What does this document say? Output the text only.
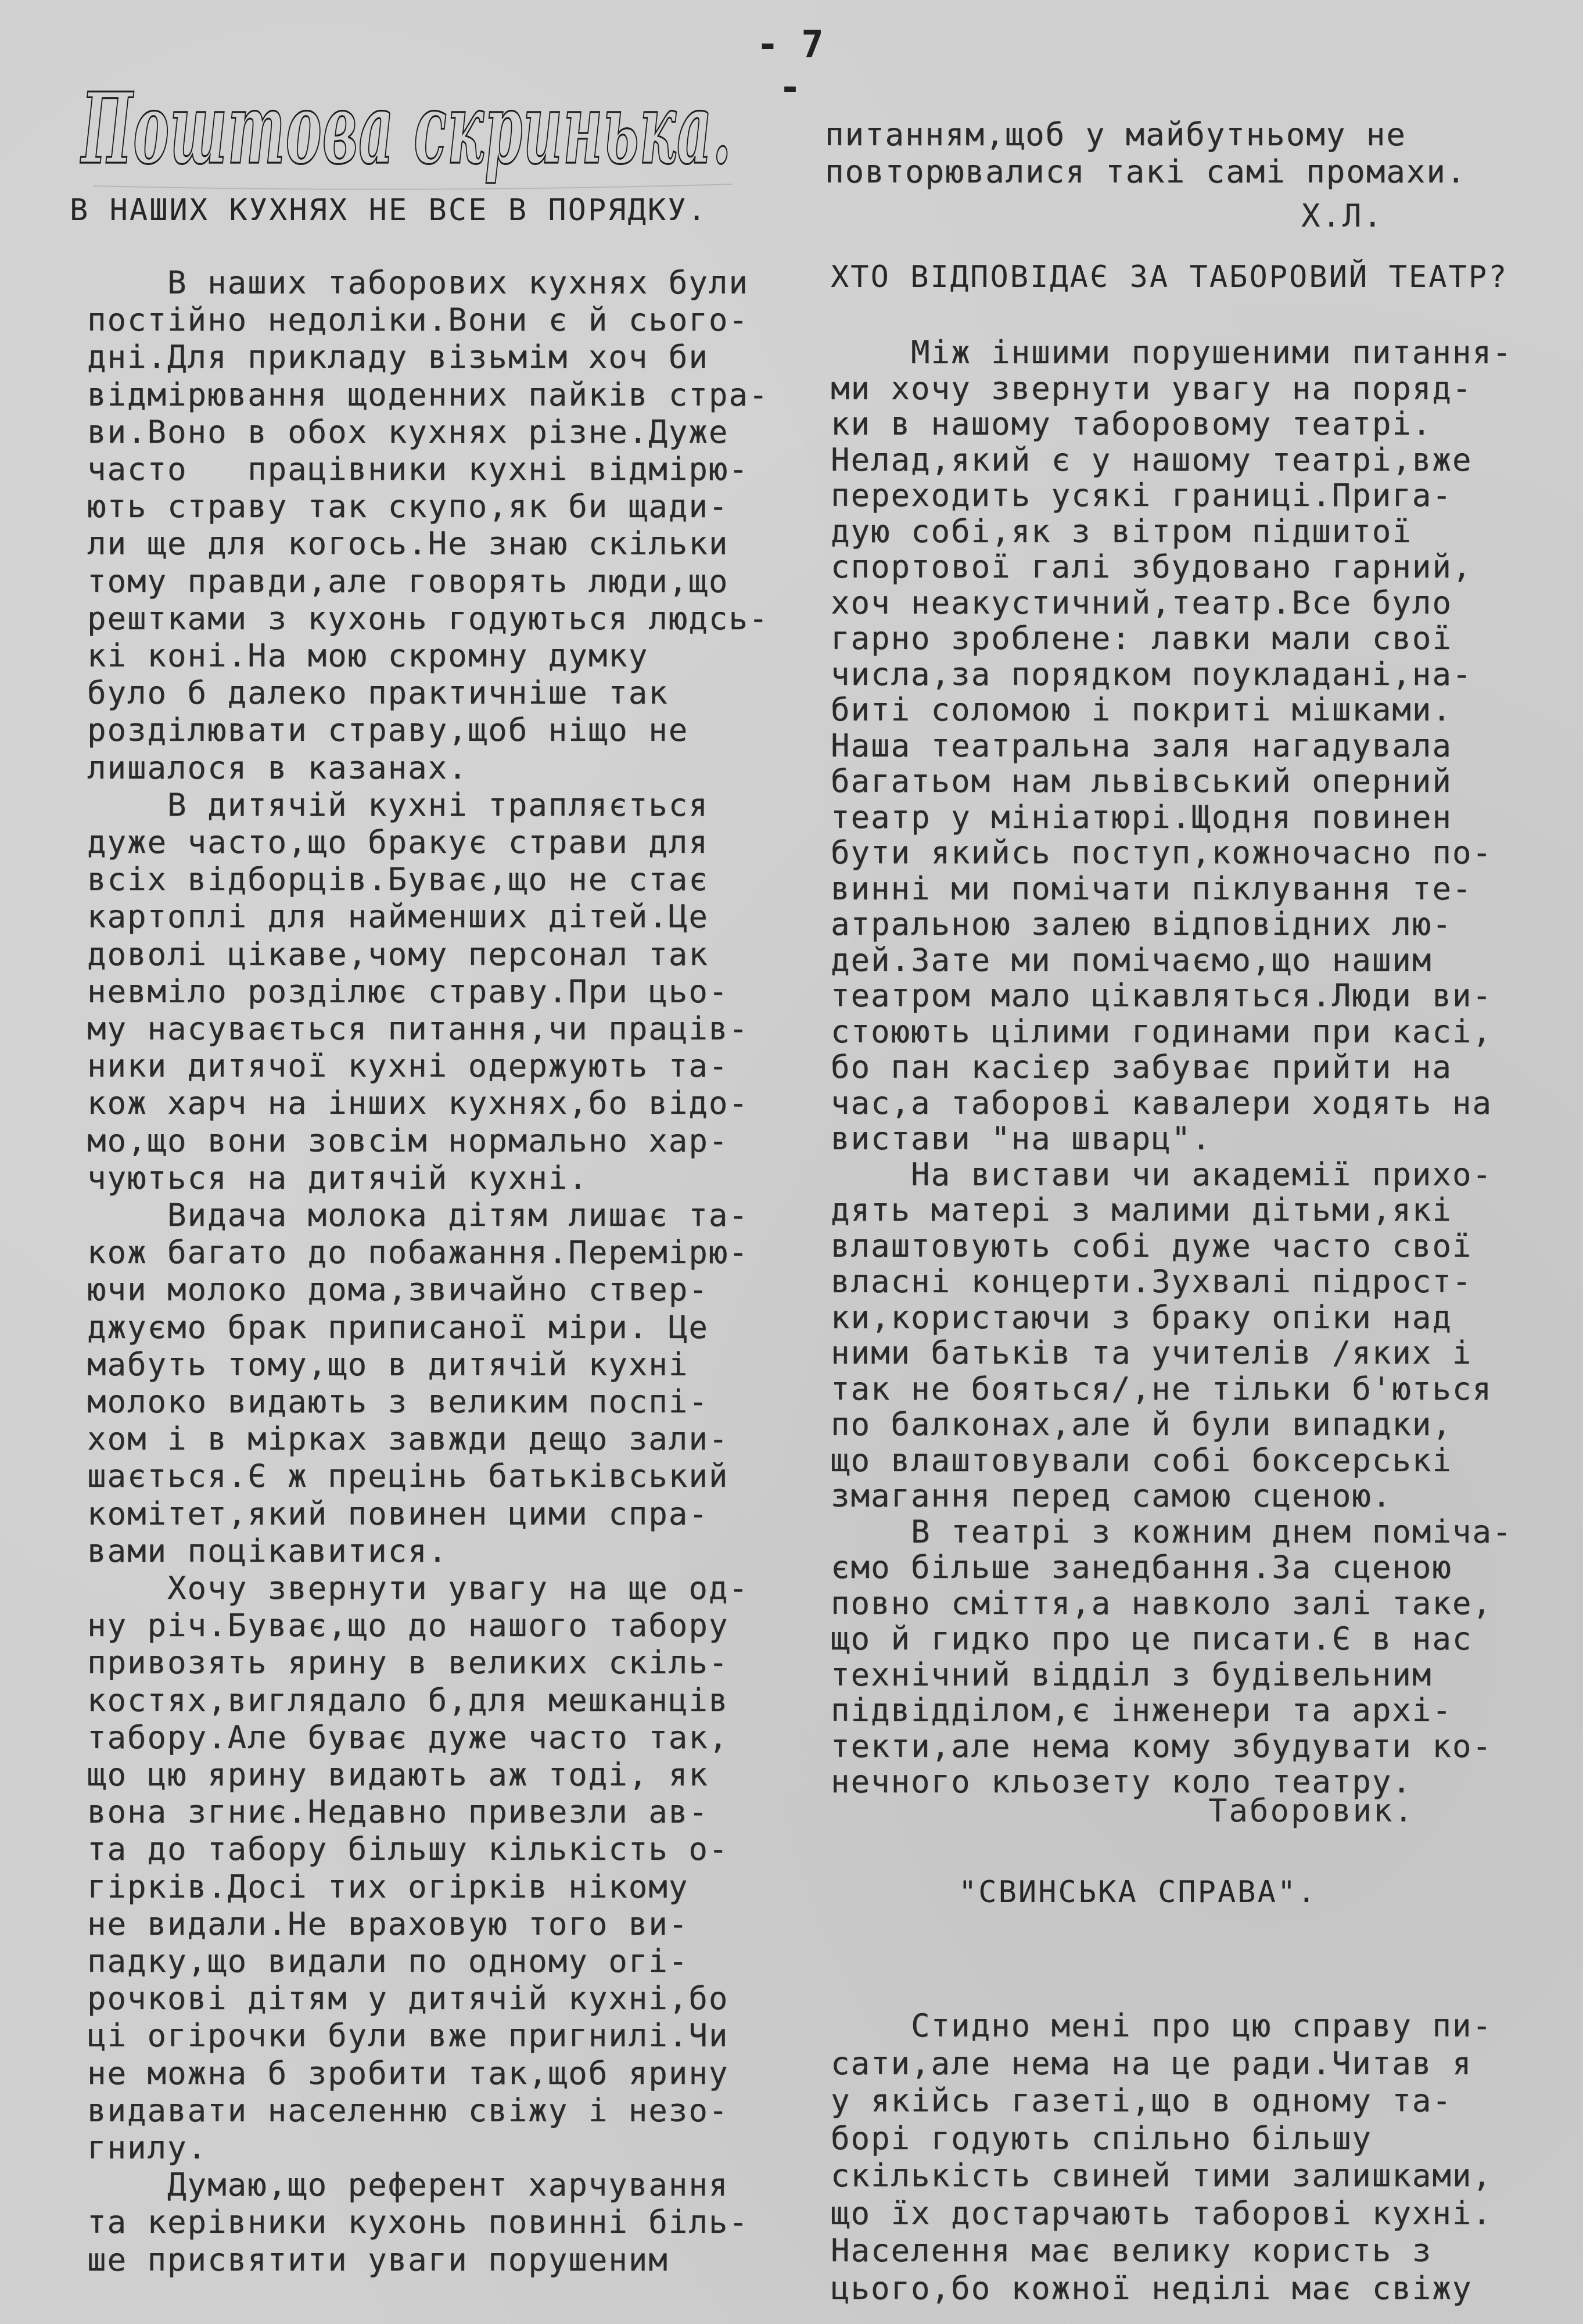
- 7 -
Поштова скринька.
В НАШИХ КУХНЯХ НЕ ВСЕ В ПОРЯДКУ.
В наших таборових кухнях були
постійно недоліки.Вони є й сього-
дні.Для прикладу візьмім хоч би
відмірювання щоденних пайків стра-
ви.Воно в обох кухнях різне.Дуже
часто   працівники кухні відмірю-
ють страву так скупо,як би щади-
ли ще для когось.Не знаю скільки
тому правди,але говорять люди,що
рештками з кухонь годуються людсь-
кі коні.На мою скромну думку
було б далеко практичніше так
розділювати страву,щоб ніщо не
лишалося в казанах.
В дитячій кухні трапляється
дуже часто,що бракує страви для
всіх відборців.Буває,що не стає
картоплі для найменших дітей.Це
доволі цікаве,чому персонал так
невміло розділює страву.При цьо-
му насувається питання,чи праців-
ники дитячої кухні одержують та-
кож харч на інших кухнях,бо відо-
мо,що вони зовсім нормально хар-
чуються на дитячій кухні.
Видача молока дітям лишає та-
кож багато до побажання.Перемірю-
ючи молоко дома,звичайно ствер-
джуємо брак приписаної міри. Це
мабуть тому,що в дитячій кухні
молоко видають з великим поспі-
хом і в мірках завжди дещо зали-
шається.Є ж прецінь батьківський
комітет,який повинен цими спра-
вами поцікавитися.
Хочу звернути увагу на ще од-
ну річ.Буває,що до нашого табору
привозять ярину в великих скіль-
костях,виглядало б,для мешканців
табору.Але буває дуже часто так,
що цю ярину видають аж тоді, як
вона згниє.Недавно привезли ав-
та до табору більшу кількість о-
гірків.Досі тих огірків нікому
не видали.Не враховую того ви-
падку,що видали по одному огі-
рочкові дітям у дитячій кухні,бо
ці огірочки були вже пригнилі.Чи
не можна б зробити так,щоб ярину
видавати населенню свіжу і незо-
гнилу.
Думаю,що референт харчування
та керівники кухонь повинні біль-
ше присвятити уваги порушеним
питанням,щоб у майбутньому не
повторювалися такі самі промахи.
Х.Л.
ХТО ВІДПОВІДАЄ ЗА ТАБОРОВИЙ ТЕАТР?
Між іншими порушеними питання-
ми хочу звернути увагу на поряд-
ки в нашому таборовому театрі.
Нелад,який є у нашому театрі,вже
переходить усякі границі.Прига-
дую собі,як з вітром підшитої
спортової галі збудовано гарний,
хоч неакустичний,театр.Все було
гарно зроблене: лавки мали свої
числа,за порядком поукладані,на-
биті соломою і покриті мішками.
Наша театральна заля нагадувала
багатьом нам львівський оперний
театр у мініатюрі.Щодня повинен
бути якийсь поступ,кожночасно по-
винні ми помічати піклування те-
атральною залею відповідних лю-
дей.Зате ми помічаємо,що нашим
театром мало цікавляться.Люди ви-
стоюють цілими годинами при касі,
бо пан касієр забуває прийти на
час,а таборові кавалери ходять на
вистави "на шварц".
На вистави чи академії прихо-
дять матері з малими дітьми,які
влаштовують собі дуже часто свої
власні концерти.Зухвалі підрост-
ки,користаючи з браку опіки над
ними батьків та учителів /яких і
так не бояться/,не тільки б'ються
по балконах,але й були випадки,
що влаштовували собі боксерські
змагання перед самою сценою.
В театрі з кожним днем поміча-
ємо більше занедбання.За сценою
повно сміття,а навколо залі таке,
що й гидко про це писати.Є в нас
технічний відділ з будівельним
підвідділом,є інженери та архі-
текти,але нема кому збудувати ко-
нечного кльозету коло театру.
Таборовик.
"СВИНСЬКА СПРАВА".
Стидно мені про цю справу пи-
сати,але нема на це ради.Читав я
у якійсь газеті,що в одному та-
борі годують спільно більшу
скількість свиней тими залишками,
що їх достарчають таборові кухні.
Населення має велику користь з
цього,бо кожної неділі має свіжу
